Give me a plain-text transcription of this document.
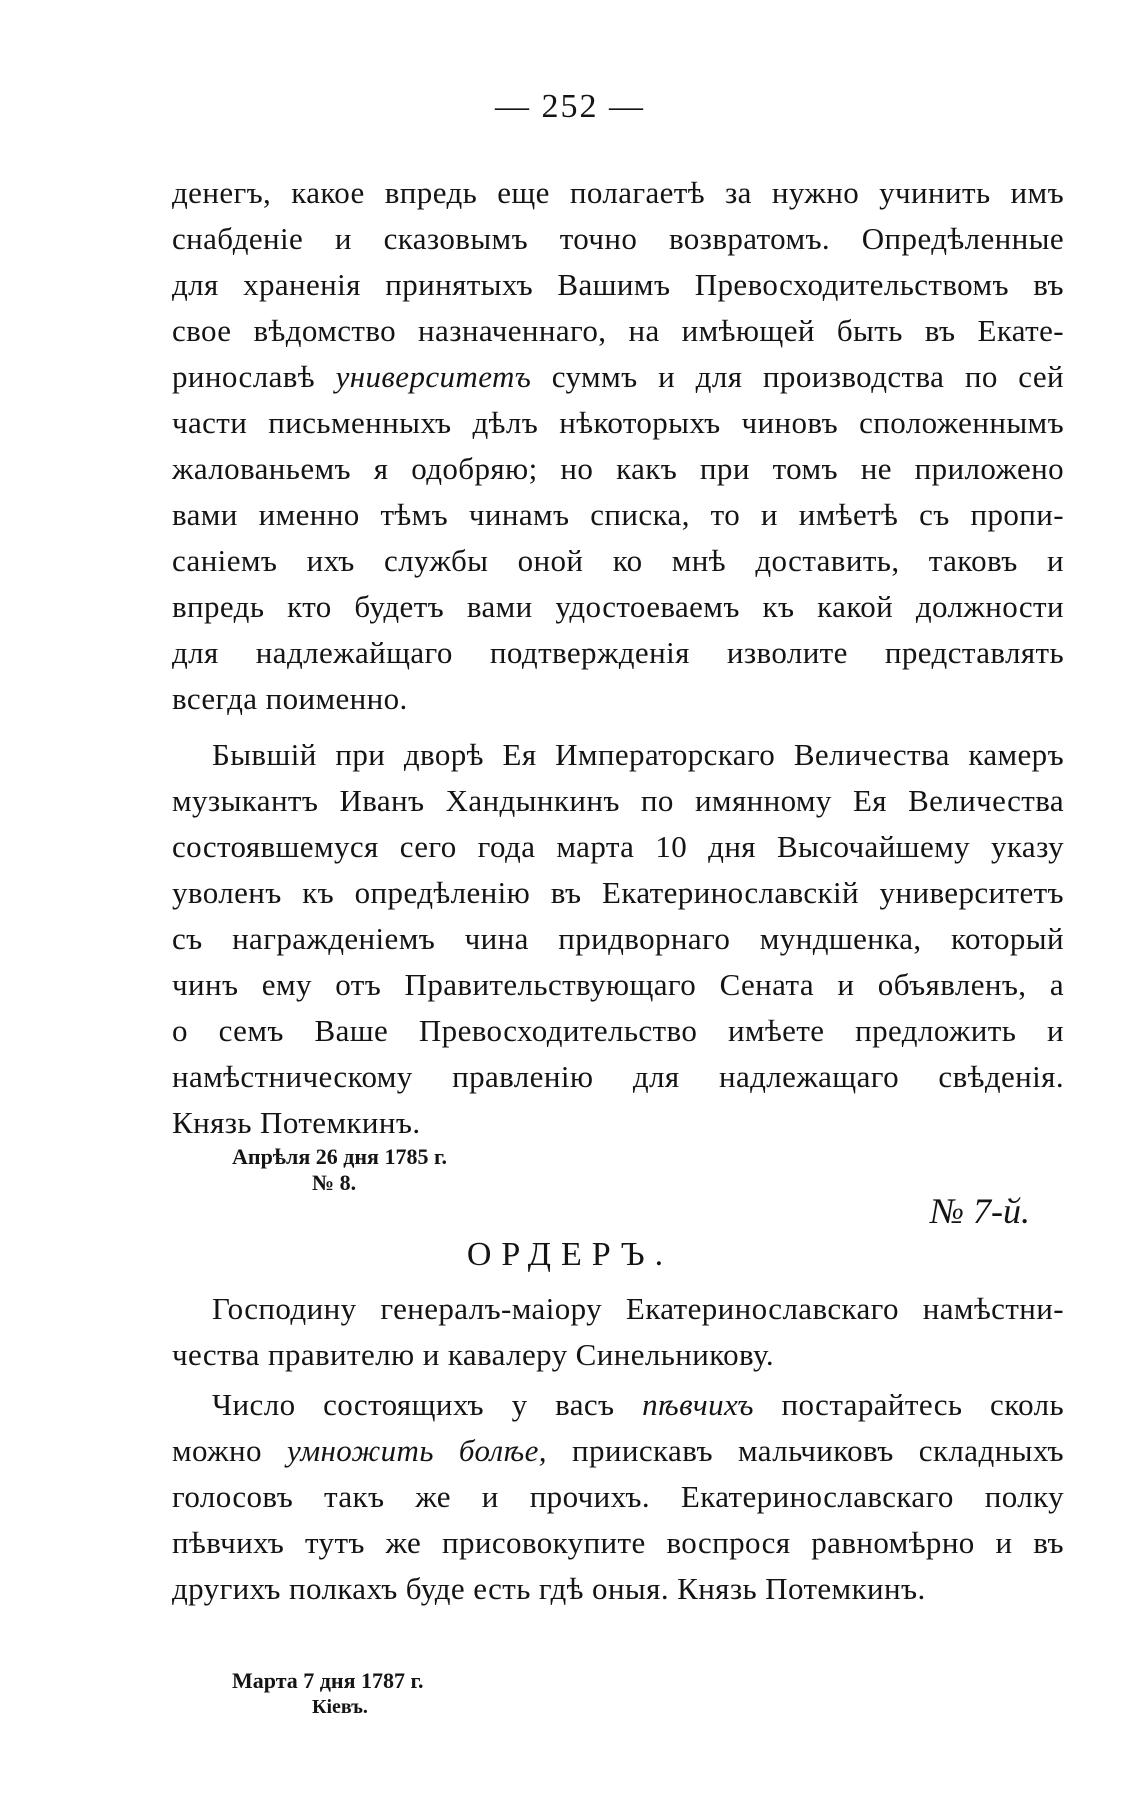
— 252 —
денегъ, какое впредь еще полагаетѣ за нужно учинить имъ
снабденіе и сказовымъ точно возвратомъ. Опредѣленные
для храненія принятыхъ Вашимъ Превосходительствомъ въ
свое вѣдомство назначеннаго, на имѣющей быть въ Екате-
ринославѣ университетъ суммъ и для производства по сей
части письменныхъ дѣлъ нѣкоторыхъ чиновъ сположеннымъ
жалованьемъ я одобряю; но какъ при томъ не приложено
вами именно тѣмъ чинамъ списка, то и имѣетѣ съ пропи-
саніемъ ихъ службы оной ко мнѣ доставить, таковъ и
впредь кто будетъ вами удостоеваемъ къ какой должности
для надлежайщаго подтвержденія изволите представлять
всегда поименно.
Бывшій при дворѣ Ея Императорскаго Величества камеръ
музыкантъ Иванъ Хандынкинъ по имянному Ея Величества
состоявшемуся сего года марта 10 дня Высочайшему указу
уволенъ къ опредѣленію въ Екатеринославскій университетъ
съ награжденіемъ чина придворнаго мундшенка, который
чинъ ему отъ Правительствующаго Сената и объявленъ, а
о семъ Ваше Превосходительство имѣете предложить и
намѣстническому правленію для надлежащаго свѣденія.
Князь Потемкинъ.
Апрѣля 26 дня 1785 г.
№ 8.
№ 7-й.
ОРДЕРЪ.
Господину генералъ-маіору Екатеринославскаго намѣстни-
чества правителю и кавалеру Синельникову.
Число состоящихъ у васъ пѣвчихъ постарайтесь сколь
можно умножить болѣе, приискавъ мальчиковъ складныхъ
голосовъ такъ же и прочихъ. Екатеринославскаго полку
пѣвчихъ тутъ же присовокупите воспрося равномѣрно и въ
другихъ полкахъ буде есть гдѣ оныя. Князь Потемкинъ.
Марта 7 дня 1787 г.
Кіевъ.
